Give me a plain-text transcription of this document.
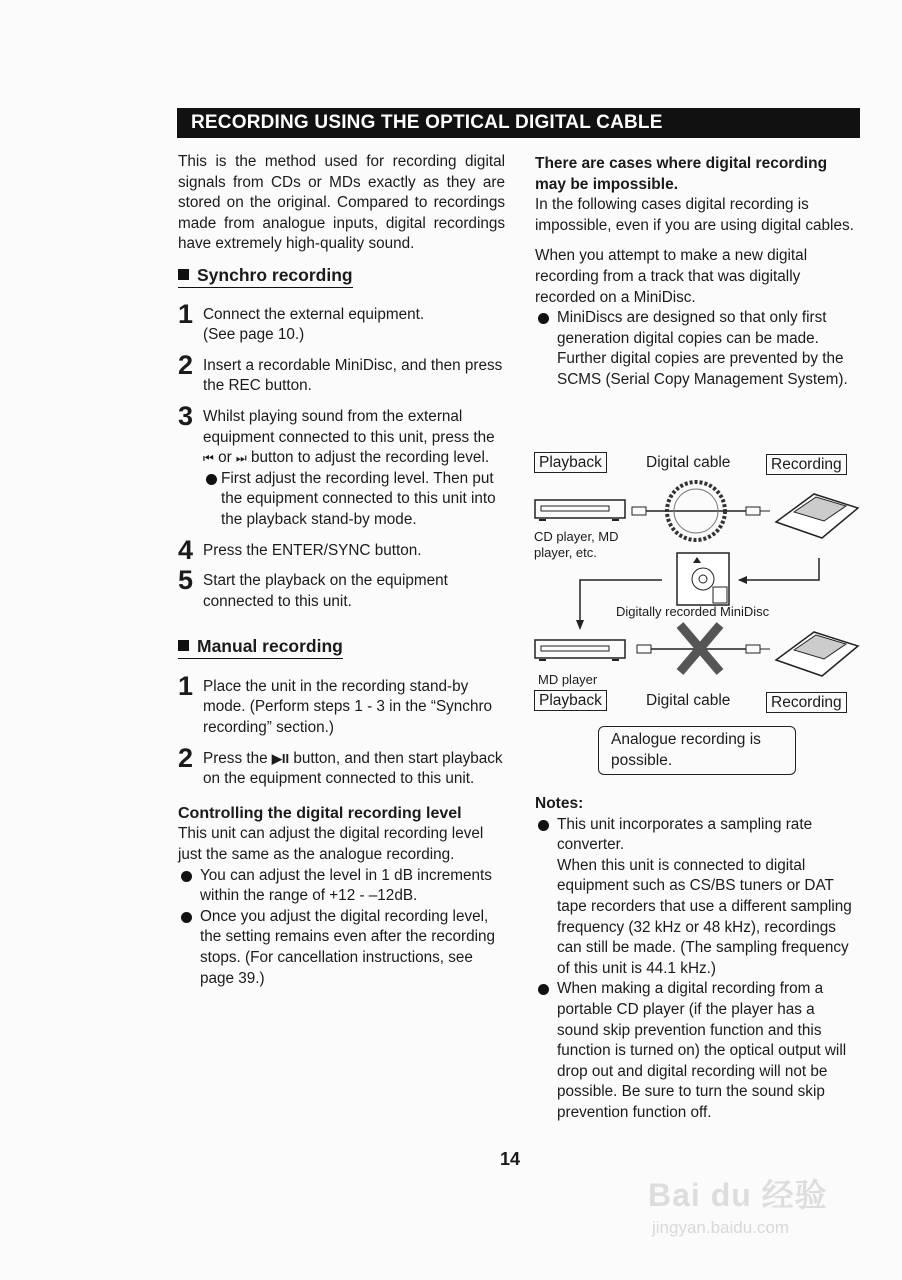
RECORDING USING THE OPTICAL DIGITAL CABLE
This is the method used for recording digital signals from CDs or MDs exactly as they are stored on the original. Compared to recordings made from analogue inputs, digital recordings have extremely high-quality sound.
Synchro recording
1 Connect the external equipment.
(See page 10.)
2 Insert a recordable MiniDisc, and then press the REC button.
3 Whilst playing sound from the external equipment connected to this unit, press the ⏮ or ⏭ button to adjust the recording level.
First adjust the recording level. Then put the equipment connected to this unit into the playback stand-by mode.
4 Press the ENTER/SYNC button.
5 Start the playback on the equipment connected to this unit.
Manual recording
1 Place the unit in the recording stand-by mode. (Perform steps 1 - 3 in the “Synchro recording” section.)
2 Press the ▶II button, and then start playback on the equipment connected to this unit.
Controlling the digital recording level
This unit can adjust the digital recording level just the same as the analogue recording.
You can adjust the level in 1 dB increments within the range of +12 - –12dB.
Once you adjust the digital recording level, the setting remains even after the recording stops. (For cancellation instructions, see page 39.)
There are cases where digital recording may be impossible.
In the following cases digital recording is impossible, even if you are using digital cables.
When you attempt to make a new digital recording from a track that was digitally recorded on a MiniDisc.
MiniDiscs are designed so that only first generation digital copies can be made. Further digital copies are prevented by the SCMS (Serial Copy Management System).
Playback	Digital cable	Recording
CD player, MD player, etc.
Digitally recorded MiniDisc
MD player
Playback	Digital cable	Recording
Analogue recording is possible.
Notes:
This unit incorporates a sampling rate converter.
When this unit is connected to digital equipment such as CS/BS tuners or DAT tape recorders that use a different sampling frequency (32 kHz or 48 kHz), recordings can still be made. (The sampling frequency of this unit is 44.1 kHz.)
When making a digital recording from a portable CD player (if the player has a sound skip prevention function and this function is turned on) the optical output will drop out and digital recording will not be possible. Be sure to turn the sound skip prevention function off.
14
Bai du 经验
jingyan.baidu.com
